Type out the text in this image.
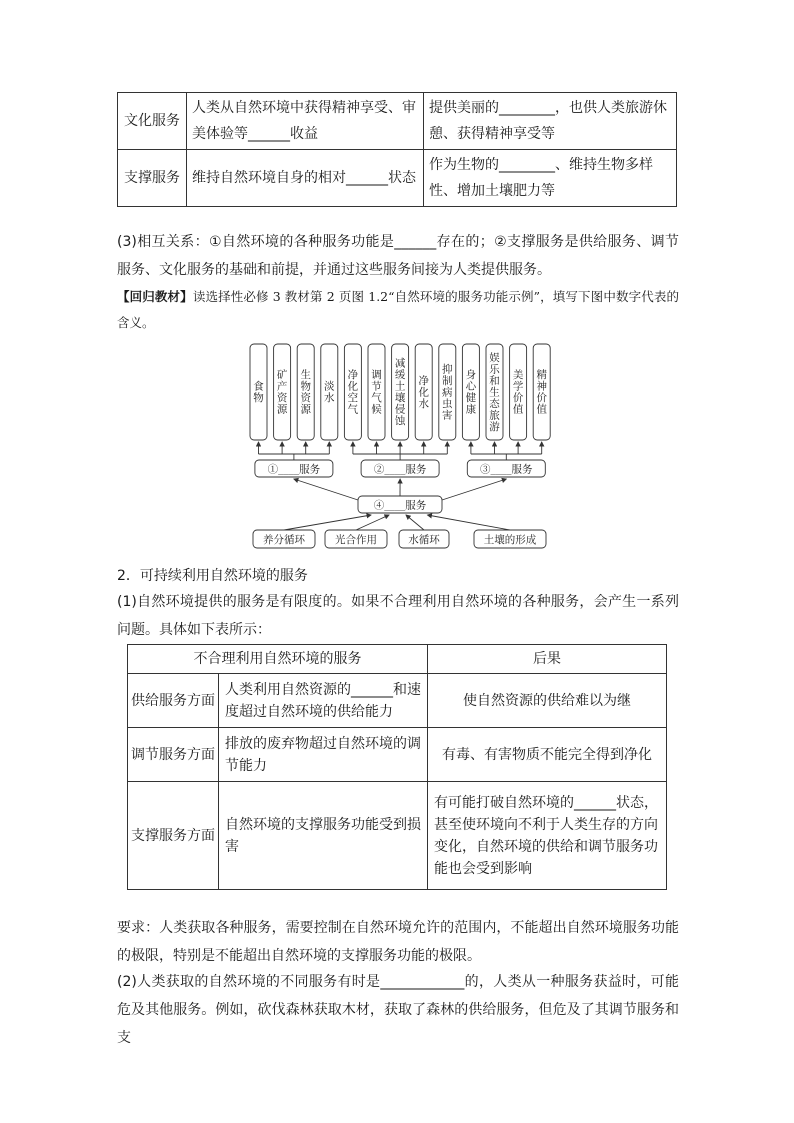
文化服务	人类从自然环境中获得精神享受、审美体验等______收益	提供美丽的________，也供人类旅游休憩、获得精神享受等
支撑服务	维持自然环境自身的相对______状态	作为生物的________、维持生物多样性、增加土壤肥力等
(3)相互关系：①自然环境的各种服务功能是______存在的；②支撑服务是供给服务、调节服务、文化服务的基础和前提，并通过这些服务间接为人类提供服务。
【回归教材】读选择性必修 3 教材第 2 页图 1.2“自然环境的服务功能示例”，填写下图中数字代表的含义。
食
物
矿
产
资
源
生
物
资
源
淡
水
净
化
空
气
调
节
气
候
减
缓
土
壤
侵
蚀
净
化
水
抑
制
病
虫
害
身
心
健
康
娱
乐
和
生
态
旅
游
美
学
价
值
精
神
价
值
①____服务	②____服务	③____服务
④____服务
养分循环	光合作用	水循环	土壤的形成
2．可持续利用自然环境的服务
(1)自然环境提供的服务是有限度的。如果不合理利用自然环境的各种服务，会产生一系列问题。具体如下表所示：
不合理利用自然环境的服务		后果
供给服务方面	人类利用自然资源的______和速度超过自然环境的供给能力	使自然资源的供给难以为继
调节服务方面	排放的废弃物超过自然环境的调节能力	有毒、有害物质不能完全得到净化
支撑服务方面	自然环境的支撑服务功能受到损害	有可能打破自然环境的______状态，甚至使环境向不利于人类生存的方向变化，自然环境的供给和调节服务功能也会受到影响
要求：人类获取各种服务，需要控制在自然环境允许的范围内，不能超出自然环境服务功能的极限，特别是不能超出自然环境的支撑服务功能的极限。
(2)人类获取的自然环境的不同服务有时是____________的，人类从一种服务获益时，可能危及其他服务。例如，砍伐森林获取木材，获取了森林的供给服务，但危及了其调节服务和支
